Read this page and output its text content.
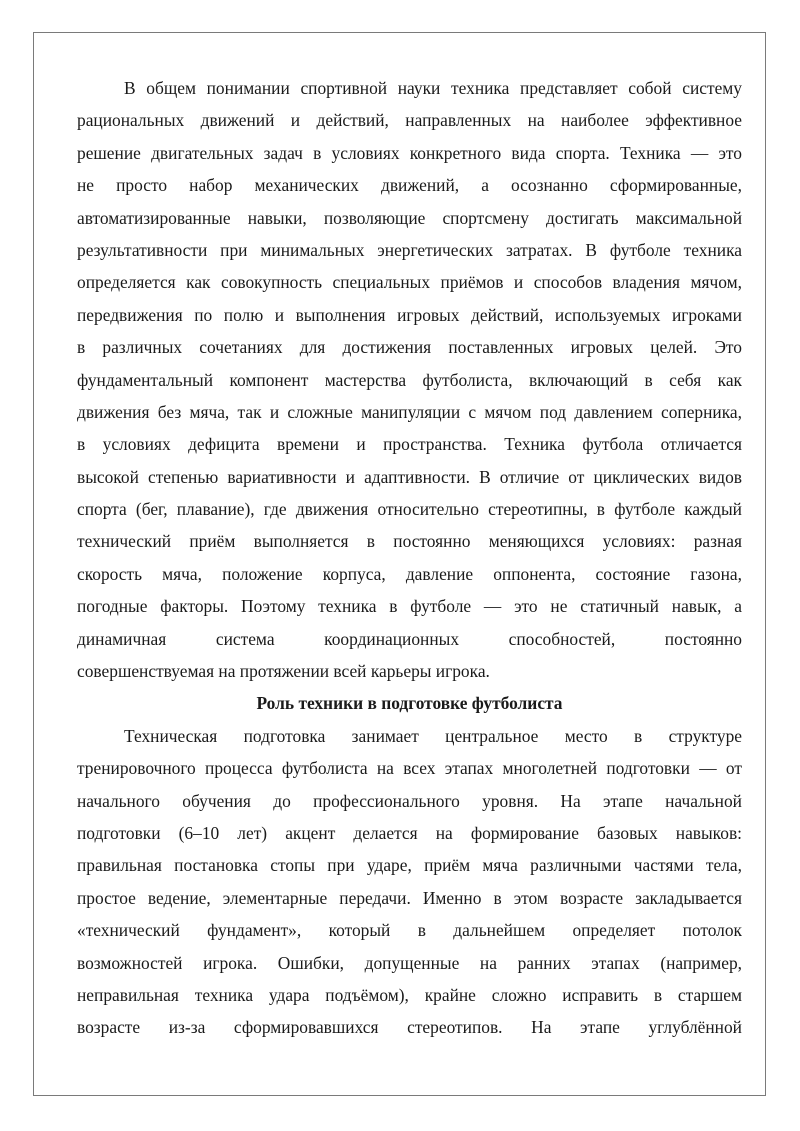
В общем понимании спортивной науки техника представляет собой систему
рациональных движений и действий, направленных на наиболее эффективное
решение двигательных задач в условиях конкретного вида спорта. Техника — это
не просто набор механических движений, а осознанно сформированные,
автоматизированные навыки, позволяющие спортсмену достигать максимальной
результативности при минимальных энергетических затратах. В футболе техника
определяется как совокупность специальных приёмов и способов владения мячом,
передвижения по полю и выполнения игровых действий, используемых игроками
в различных сочетаниях для достижения поставленных игровых целей. Это
фундаментальный компонент мастерства футболиста, включающий в себя как
движения без мяча, так и сложные манипуляции с мячом под давлением соперника,
в условиях дефицита времени и пространства. Техника футбола отличается
высокой степенью вариативности и адаптивности. В отличие от циклических видов
спорта (бег, плавание), где движения относительно стереотипны, в футболе каждый
технический приём выполняется в постоянно меняющихся условиях: разная
скорость мяча, положение корпуса, давление оппонента, состояние газона,
погодные факторы. Поэтому техника в футболе — это не статичный навык, а
динамичная система координационных способностей, постоянно
совершенствуемая на протяжении всей карьеры игрока.
Роль техники в подготовке футболиста
Техническая подготовка занимает центральное место в структуре
тренировочного процесса футболиста на всех этапах многолетней подготовки — от
начального обучения до профессионального уровня. На этапе начальной
подготовки (6–10 лет) акцент делается на формирование базовых навыков:
правильная постановка стопы при ударе, приём мяча различными частями тела,
простое ведение, элементарные передачи. Именно в этом возрасте закладывается
«технический фундамент», который в дальнейшем определяет потолок
возможностей игрока. Ошибки, допущенные на ранних этапах (например,
неправильная техника удара подъёмом), крайне сложно исправить в старшем
возрасте из-за сформировавшихся стереотипов. На этапе углублённой
